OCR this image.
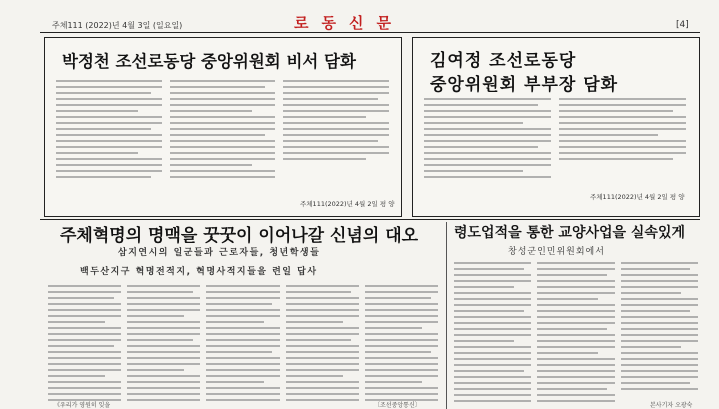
주체111 (2022)년 4월 3일 (일요일)	로동신문	[4]
박정천 조선로동당 중앙위원회 비서 담화
주체111(2022)년 4월 2일 평 양
김여정 조선로동당
중앙위원회 부부장 담화
주체111(2022)년 4월 2일 평 양
주체혁명의 명맥을 꿋꿋이 이어나갈 신념의 대오
삼지연시의 일군들과 근로자들, 청년학생들
백두산지구 혁명전적지, 혁명사적지들을 련일 답사
《우리가 영원히 잊을	〔조선중앙통신〕
령도업적을 통한 교양사업을 실속있게
창성군인민위원회에서
본사기자 오광숙
